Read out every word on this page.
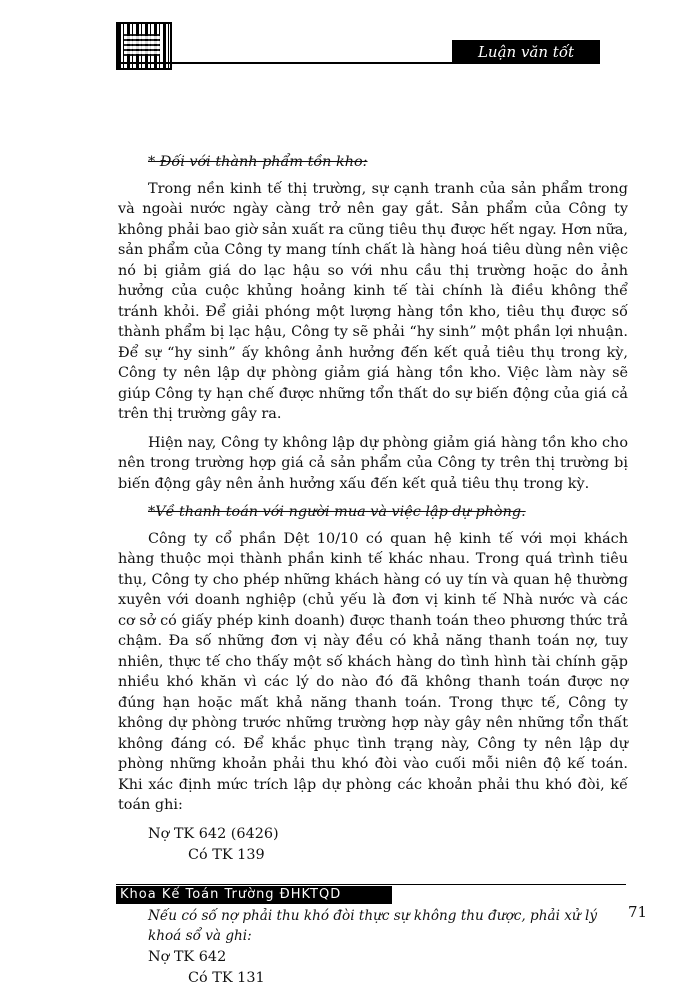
Luận văn tốt nghiệp
* Đối với thành phẩm tồn kho:

Trong nền kinh tế thị trường, sự cạnh tranh của sản phẩm trong và ngoài nước ngày càng trở nên gay gắt. Sản phẩm của Công ty không phải bao giờ sản xuất ra cũng tiêu thụ được hết ngay. Hơn nữa, sản phẩm của Công ty mang tính chất là hàng hoá tiêu dùng nên việc nó bị giảm giá do lạc hậu so với nhu cầu thị trường hoặc do ảnh hưởng của cuộc khủng hoảng kinh tế tài chính là điều không thể tránh khỏi. Để giải phóng một lượng hàng tồn kho, tiêu thụ được số thành phẩm bị lạc hậu, Công ty sẽ phải “hy sinh” một phần lợi nhuận. Để sự “hy sinh” ấy không ảnh hưởng đến kết quả tiêu thụ trong kỳ, Công ty nên lập dự phòng giảm giá hàng tồn kho. Việc làm này sẽ giúp Công ty hạn chế được những tổn thất do sự biến động của giá cả trên thị trường gây ra.

Hiện nay, Công ty không lập dự phòng giảm giá hàng tồn kho cho nên trong trường hợp giá cả sản phẩm của Công ty trên thị trường bị biến động gây nên ảnh hưởng xấu đến kết quả tiêu thụ trong kỳ.

*Về thanh toán với người mua và việc lập dự phòng.

Công ty cổ phần Dệt 10/10 có quan hệ kinh tế với mọi khách hàng thuộc mọi thành phần kinh tế khác nhau. Trong quá trình tiêu thụ, Công ty cho phép những khách hàng có uy tín và quan hệ thường xuyên với doanh nghiệp (chủ yếu là đơn vị kinh tế Nhà nước và các cơ sở có giấy phép kinh doanh) được thanh toán theo phương thức trả chậm. Đa số những đơn vị này đều có khả năng thanh toán nợ, tuy nhiên, thực tế cho thấy một số khách hàng do tình hình tài chính gặp nhiều khó khăn vì các lý do nào đó đã không thanh toán được nợ đúng hạn hoặc mất khả năng thanh toán. Trong thực tế, Công ty không dự phòng trước những trường hợp này gây nên những tổn thất không đáng có. Để khắc phục tình trạng này, Công ty nên lập dự phòng những khoản phải thu khó đòi vào cuối mỗi niên độ kế toán. Khi xác định mức trích lập dự phòng các khoản phải thu khó đòi, kế toán ghi:

Nợ TK 642 (6426)

Có TK 139

Nếu có số nợ phải thu khó đòi thực sự không thu được, phải xử lý khoá sổ và ghi:

Nợ TK 642

Có TK 131

Khoa Kế Toán Trường ĐHKTQD
71
